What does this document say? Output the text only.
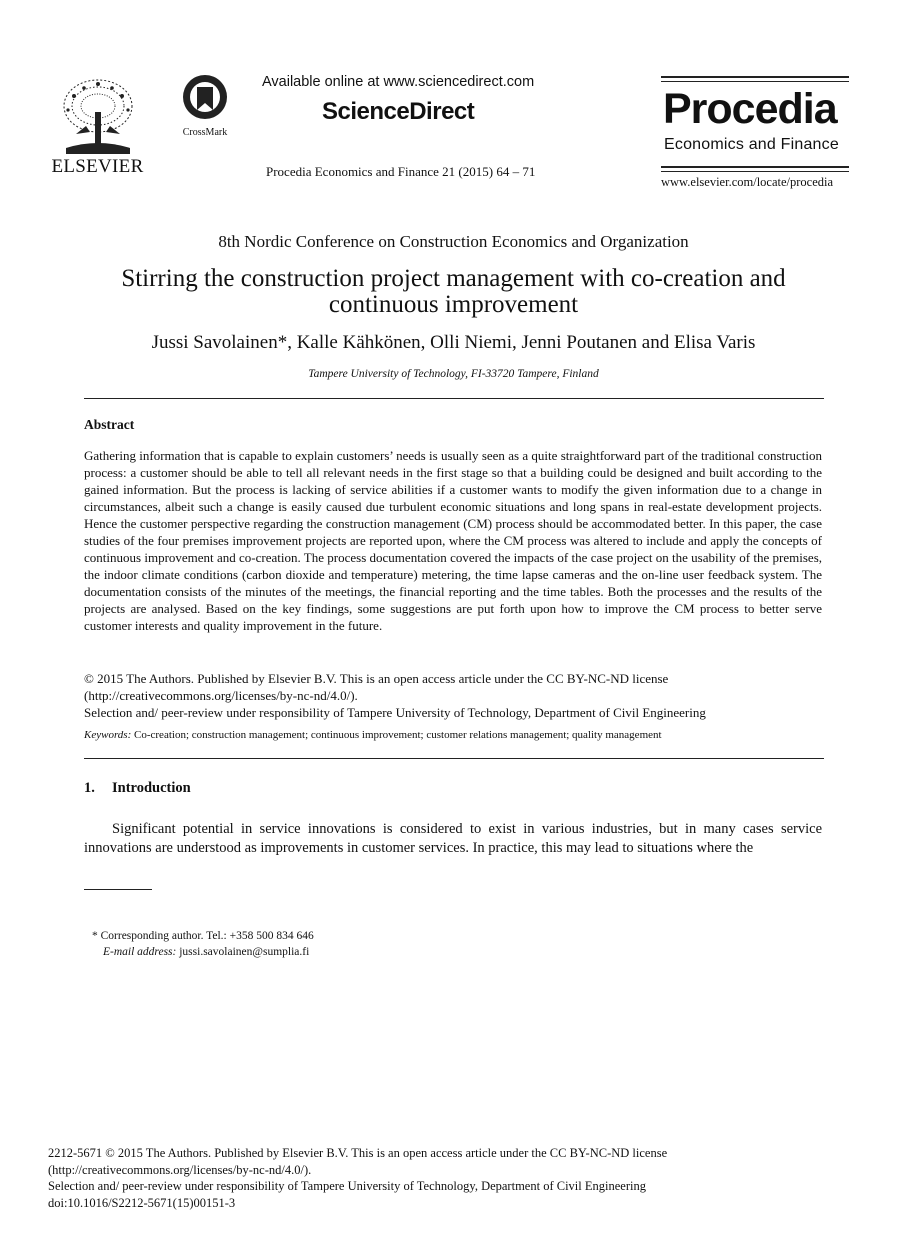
ELSEVIER
CrossMark
Available online at www.sciencedirect.com
ScienceDirect
Procedia Economics and Finance 21 (2015) 64 – 71
Procedia
Economics and Finance
www.elsevier.com/locate/procedia
8th Nordic Conference on Construction Economics and Organization
Stirring the construction project management with co-creation and continuous improvement
Jussi Savolainen*, Kalle Kähkönen, Olli Niemi, Jenni Poutanen and Elisa Varis
Tampere University of Technology, FI-33720 Tampere, Finland
Abstract
Gathering information that is capable to explain customers’ needs is usually seen as a quite straightforward part of the traditional construction process: a customer should be able to tell all relevant needs in the first stage so that a building could be designed and built according to the gained information. But the process is lacking of service abilities if a customer wants to modify the given information due to a change in circumstances, albeit such a change is easily caused due turbulent economic situations and long spans in real-estate development projects. Hence the customer perspective regarding the construction management (CM) process should be accommodated better. In this paper, the case studies of the four premises improvement projects are reported upon, where the CM process was altered to include and apply the concepts of continuous improvement and co-creation. The process documentation covered the impacts of the case project on the usability of the premises, the indoor climate conditions (carbon dioxide and temperature) metering, the time lapse cameras and the on-line user feedback system. The documentation consists of the minutes of the meetings, the financial reporting and the time tables. Both the processes and the results of the projects are analysed. Based on the key findings, some suggestions are put forth upon how to improve the CM process to better serve customer interests and quality improvement in the future.
© 2015 The Authors. Published by Elsevier B.V. This is an open access article under the CC BY-NC-ND license
(http://creativecommons.org/licenses/by-nc-nd/4.0/).
Selection and/ peer-review under responsibility of Tampere University of Technology, Department of Civil Engineering
Keywords: Co-creation; construction management; continuous improvement; customer relations management; quality management
1. Introduction
Significant potential in service innovations is considered to exist in various industries, but in many cases service innovations are understood as improvements in customer services. In practice, this may lead to situations where the
* Corresponding author. Tel.: +358 500 834 646
E-mail address: jussi.savolainen@sumplia.fi
2212-5671 © 2015 The Authors. Published by Elsevier B.V. This is an open access article under the CC BY-NC-ND license
(http://creativecommons.org/licenses/by-nc-nd/4.0/).
Selection and/ peer-review under responsibility of Tampere University of Technology, Department of Civil Engineering
doi:10.1016/S2212-5671(15)00151-3
